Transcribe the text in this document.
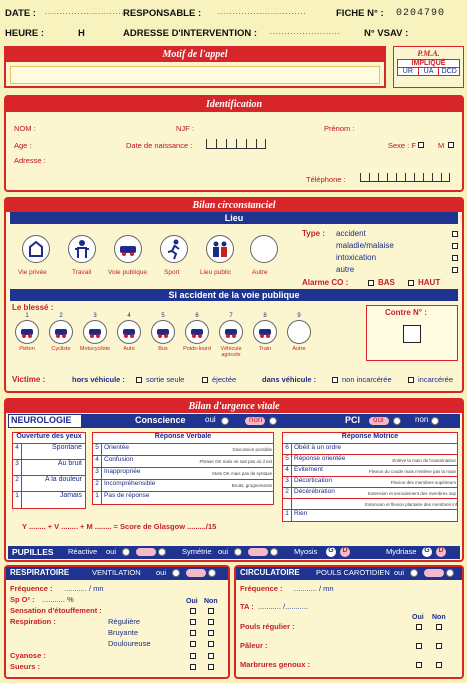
DATE : ............................
RESPONSABLE : ..............................	FICHE N° : 0204790
HEURE :	H	ADRESSE D'INTERVENTION : ........................ N° VSAV :
Motif de l'appel	P.M.A.
IMPLIQUÉ
UR	UA	DCD
Identification
NOM :	NJF :	Prénom :
Age :	Date de naissance :	Sexe : F	M
Adresse :
Téléphone :
Bilan circonstanciel
Lieu
Vie privée	Travail	Voie publique	Sport	Lieu public	Autre
Type : accident
maladie/malaise
intoxication
autre
Alarme CO :	BAS	HAUT
Si accident de la voie publique
Le blessé :
1
Piéton
2
Cycliste
3
Motocycliste
4
Auto
5
Bus
6
Poids-lourd
7
Véhicule agricole
8
Train
9
Autre
Contre N° :
Victime :	hors véhicule :	sortie seule	éjectée	dans véhicule :	non incarcérée	incarcérée
Bilan d'urgence vitale
NEUROLOGIE	Conscience oui	non	PCI oui	non
Ouverture des yeux
4	Spontané
3	Au bruit
2	A la douleur
1	Jamais
Réponse Verbale
5 Orientée	Discussion possible
4 Confusion	Phrase OK mais ne sait pas où il est
3 Inappropriée	Mots OK mais pas de syntaxe
2 Incompréhensible	Bruits, grognements
1 Pas de réponse
Réponse Motrice
6 Obéit à un ordre
5 Réponse orientée	Enlève la main de l'examinateur
4 Evitement	Flexion du coude mais n'enlève pas la main
3 Décortication	Flexion des membres supérieurs
2 Décérébration	Extension et enroulement des membres sup
Extension et flexion plantaire des membres inf
1 Rien
Y ........ + V ........ + M ........ = Score de Glasgow ........./15
PUPILLES Réactive oui	Symétrie oui	Myosis	G	D	Mydriase	G	D
RESPIRATOIRE	VENTILATION oui
Fréquence : ........... / mn
Sp O² : ........... %	Oui Non
Sensation d'étouffement :
Respiration :	Régulière
Bruyante
Douloureuse
Cyanose :
Sueurs :
CIRCULATOIRE POULS CAROTIDIEN oui
Fréquence : ........... / mn
TA : ........... /...........
Oui Non
Pouls régulier :
Pâleur :
Marbrures genoux :
